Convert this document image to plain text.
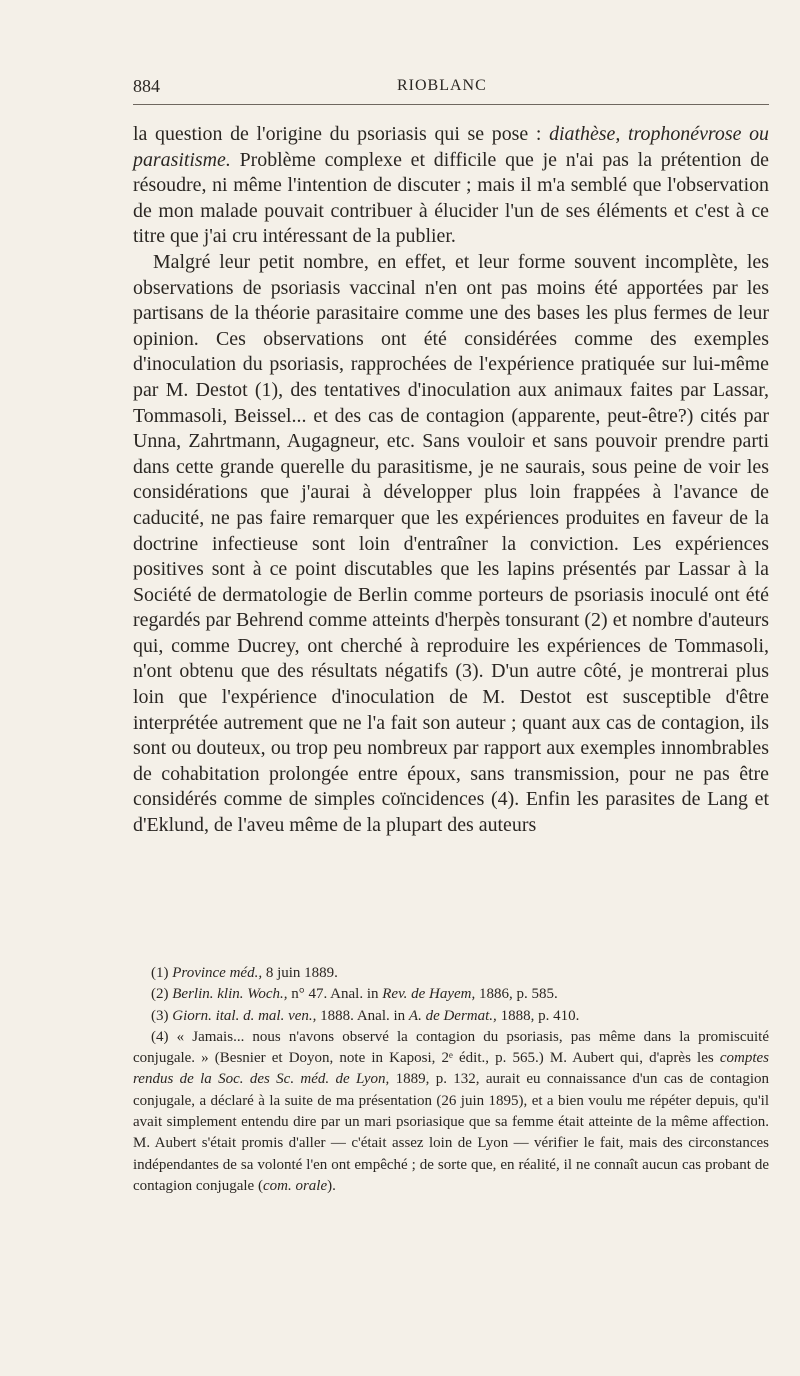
884	RIOBLANC

la question de l'origine du psoriasis qui se pose : diathèse, trophonévrose ou parasitisme. Problème complexe et difficile que je n'ai pas la prétention de résoudre, ni même l'intention de discuter ; mais il m'a semblé que l'observation de mon malade pouvait contribuer à élucider l'un de ses éléments et c'est à ce titre que j'ai cru intéressant de la publier.

Malgré leur petit nombre, en effet, et leur forme souvent incomplète, les observations de psoriasis vaccinal n'en ont pas moins été apportées par les partisans de la théorie parasitaire comme une des bases les plus fermes de leur opinion. Ces observations ont été considérées comme des exemples d'inoculation du psoriasis, rapprochées de l'expérience pratiquée sur lui-même par M. Destot (1), des tentatives d'inoculation aux animaux faites par Lassar, Tommasoli, Beissel... et des cas de contagion (apparente, peut-être?) cités par Unna, Zahrtmann, Augagneur, etc. Sans vouloir et sans pouvoir prendre parti dans cette grande querelle du parasitisme, je ne saurais, sous peine de voir les considérations que j'aurai à développer plus loin frappées à l'avance de caducité, ne pas faire remarquer que les expériences produites en faveur de la doctrine infectieuse sont loin d'entraîner la conviction. Les expériences positives sont à ce point discutables que les lapins présentés par Lassar à la Société de dermatologie de Berlin comme porteurs de psoriasis inoculé ont été regardés par Behrend comme atteints d'herpès tonsurant (2) et nombre d'auteurs qui, comme Ducrey, ont cherché à reproduire les expériences de Tommasoli, n'ont obtenu que des résultats négatifs (3). D'un autre côté, je montrerai plus loin que l'expérience d'inoculation de M. Destot est susceptible d'être interprétée autrement que ne l'a fait son auteur ; quant aux cas de contagion, ils sont ou douteux, ou trop peu nombreux par rapport aux exemples innombrables de cohabitation prolongée entre époux, sans transmission, pour ne pas être considérés comme de simples coïncidences (4). Enfin les parasites de Lang et d'Eklund, de l'aveu même de la plupart des auteurs

(1) Province méd., 8 juin 1889.

(2) Berlin. klin. Woch., n° 47. Anal. in Rev. de Hayem, 1886, p. 585.

(3) Giorn. ital. d. mal. ven., 1888. Anal. in A. de Dermat., 1888, p. 410.

(4) « Jamais... nous n'avons observé la contagion du psoriasis, pas même dans la promiscuité conjugale. » (Besnier et Doyon, note in Kaposi, 2ᵉ édit., p. 565.) M. Aubert qui, d'après les comptes rendus de la Soc. des Sc. méd. de Lyon, 1889, p. 132, aurait eu connaissance d'un cas de contagion conjugale, a déclaré à la suite de ma présentation (26 juin 1895), et a bien voulu me répéter depuis, qu'il avait simplement entendu dire par un mari psoriasique que sa femme était atteinte de la même affection. M. Aubert s'était promis d'aller — c'était assez loin de Lyon — vérifier le fait, mais des circonstances indépendantes de sa volonté l'en ont empêché ; de sorte que, en réalité, il ne connaît aucun cas probant de contagion conjugale (com. orale).
